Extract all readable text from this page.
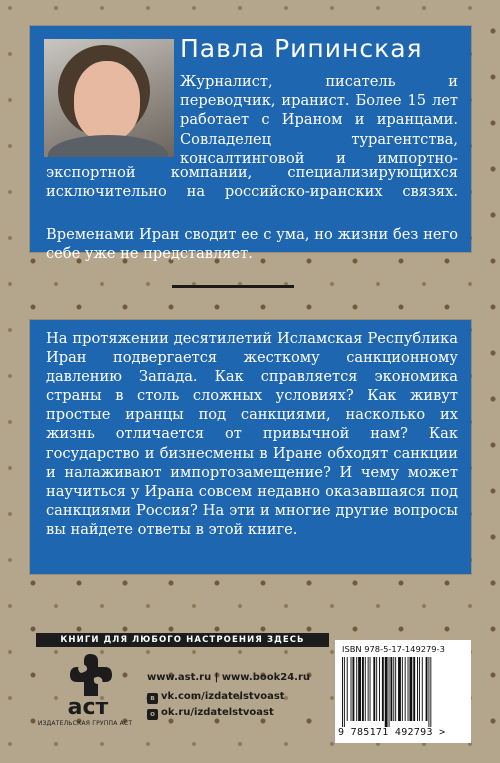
Павла Рипинская
Журналист, писатель и переводчик, иранист. Более 15 лет работает с Ираном и иранцами. Совладелец турагентства, консалтинговой и импортно-
экспортной компании, специализирующихся исключительно на российско-иранских связях.
Временами Иран сводит ее с ума, но жизни без него себе уже не представляет.

На протяжении десятилетий Исламская Республика Иран подвергается жесткому санкционному давлению Запада. Как справляется экономика страны в столь сложных условиях? Как живут простые иранцы под санкциями, насколько их жизнь отличается от привычной нам? Как государство и бизнесмены в Иране обходят санкции и налаживают импортозамещение? И чему может научиться у Ирана совсем недавно оказавшаяся под санкциями Россия? На эти и многие другие вопросы вы найдете ответы в этой книге.

КНИГИ ДЛЯ ЛЮБОГО НАСТРОЕНИЯ ЗДЕСЬ
аст
ИЗДАТЕЛЬСКАЯ ГРУППА АСТ
www.ast.ru | www.book24.ru
в vk.com/izdatelstvoast
о ok.ru/izdatelstvoast
ISBN 978-5-17-149279-3
9 785171 492793 >
